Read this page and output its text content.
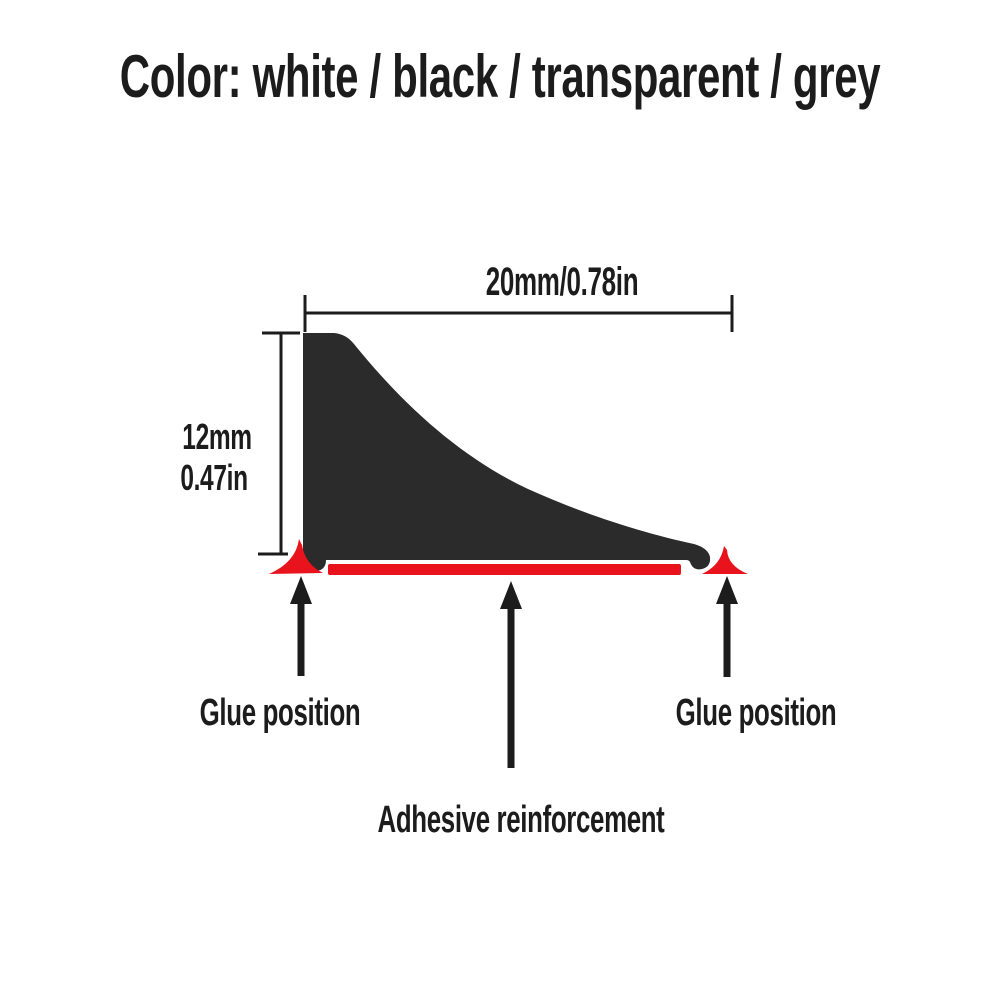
Color: white / black / transparent / grey
20mm/0.78in
12mm
0.47in
Glue position	Glue position
Adhesive reinforcement
